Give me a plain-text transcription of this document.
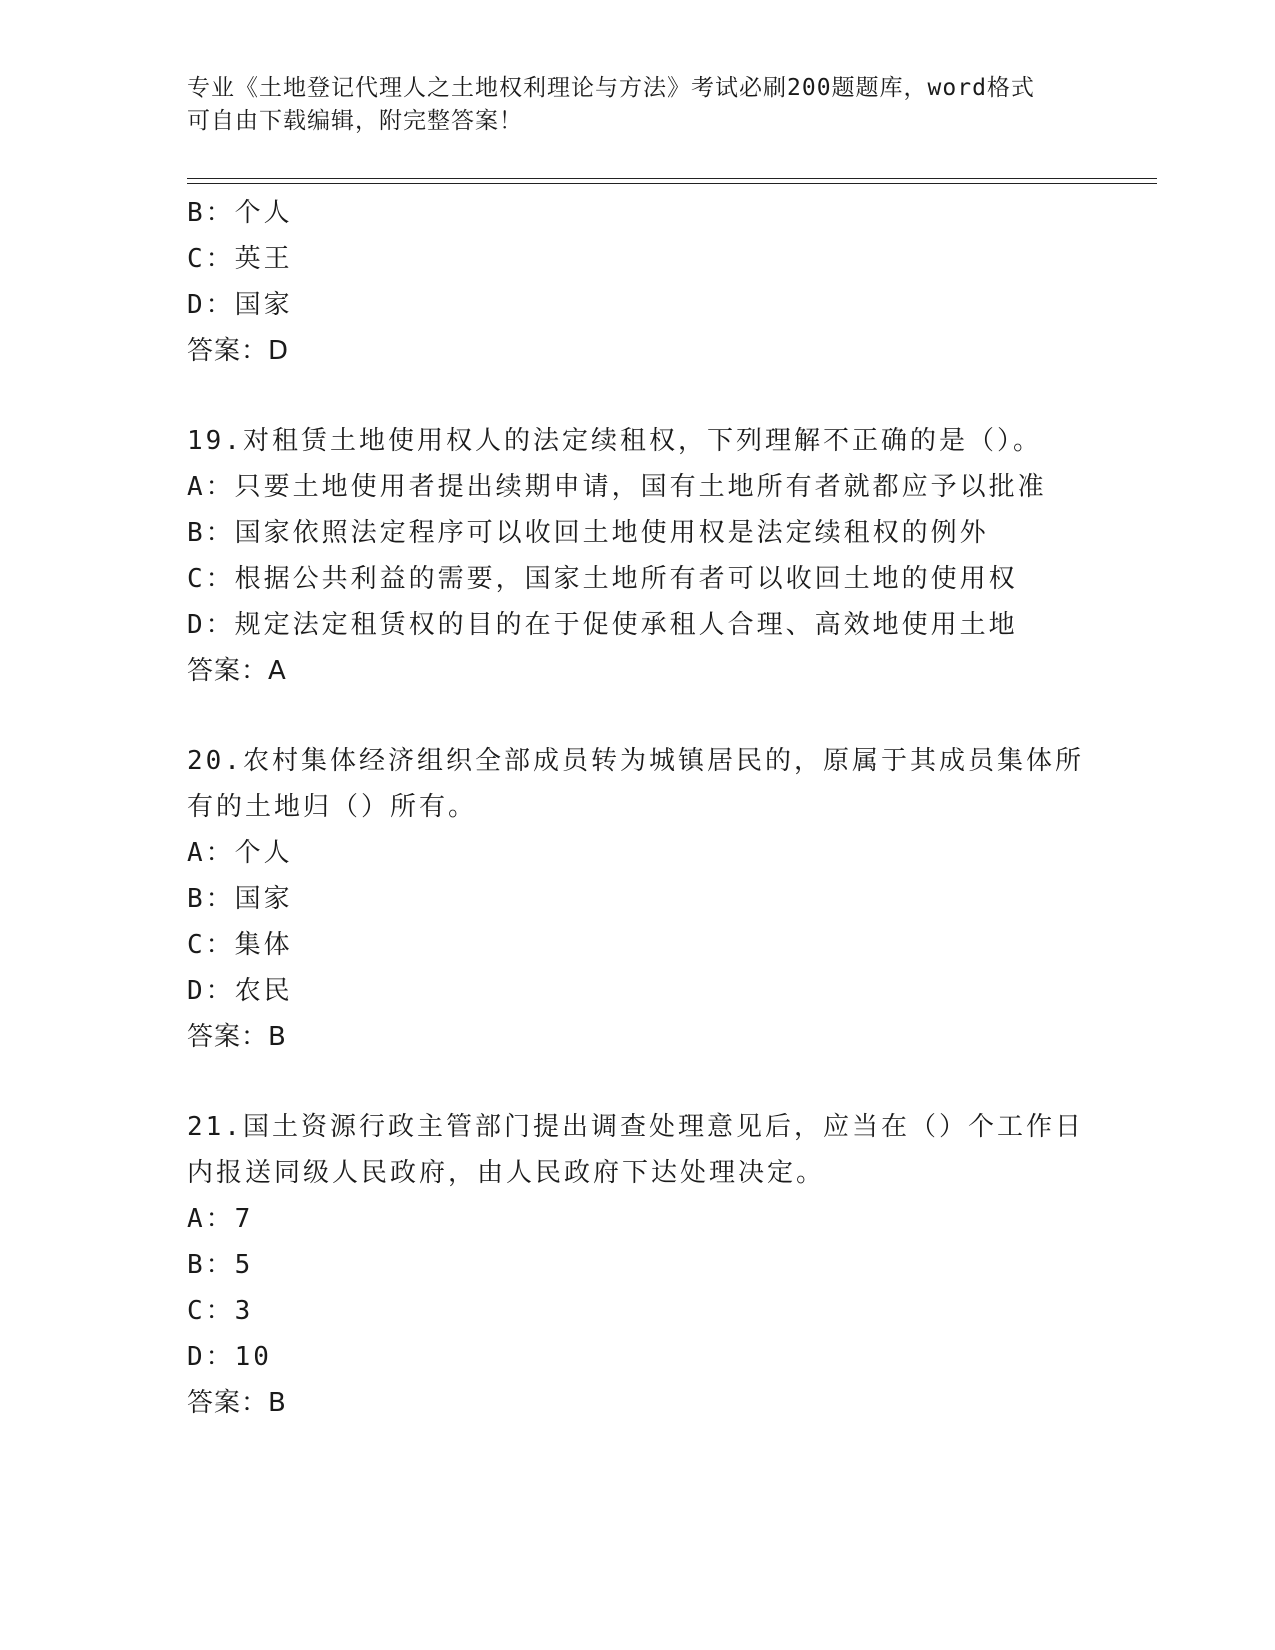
专业《土地登记代理人之土地权利理论与方法》考试必刷200题题库，word格式
可自由下载编辑，附完整答案！
B：个人
C：英王
D：国家
答案：D
19.对租赁土地使用权人的法定续租权，下列理解不正确的是（）。
A：只要土地使用者提出续期申请，国有土地所有者就都应予以批准
B：国家依照法定程序可以收回土地使用权是法定续租权的例外
C：根据公共利益的需要，国家土地所有者可以收回土地的使用权
D：规定法定租赁权的目的在于促使承租人合理、高效地使用土地
答案：A
20.农村集体经济组织全部成员转为城镇居民的，原属于其成员集体所
有的土地归（）所有。
A：个人
B：国家
C：集体
D：农民
答案：B
21.国土资源行政主管部门提出调查处理意见后，应当在（）个工作日
内报送同级人民政府，由人民政府下达处理决定。
A：7
B：5
C：3
D：10
答案：B
